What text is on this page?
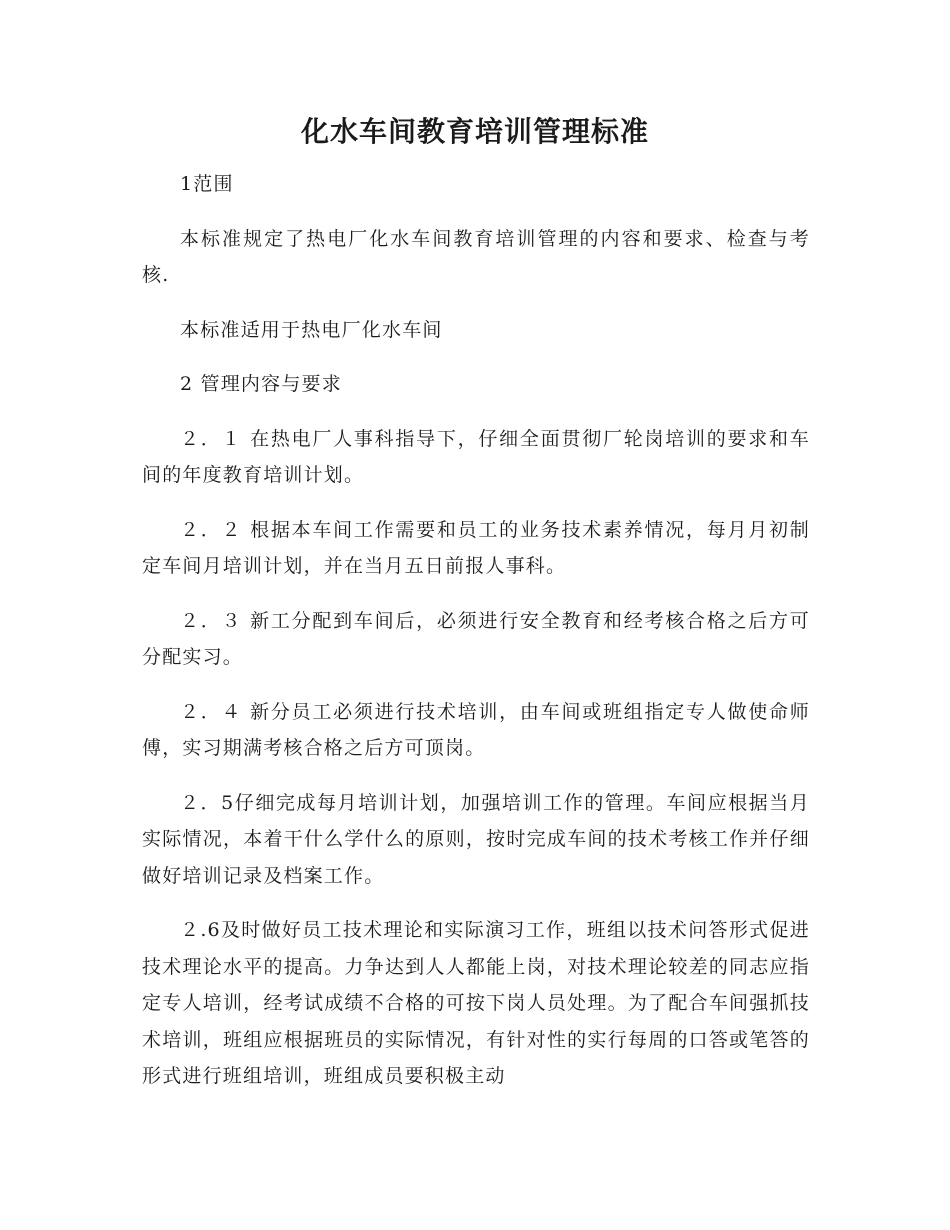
化水车间教育培训管理标准

1范围

本标准规定了热电厂化水车间教育培训管理的内容和要求、检查与考核.

本标准适用于热电厂化水车间

2 管理内容与要求

２．１ 在热电厂人事科指导下，仔细全面贯彻厂轮岗培训的要求和车间的年度教育培训计划。

２．２ 根据本车间工作需要和员工的业务技术素养情况，每月月初制定车间月培训计划，并在当月五日前报人事科。

２．３ 新工分配到车间后，必须进行安全教育和经考核合格之后方可分配实习。

２．４ 新分员工必须进行技术培训，由车间或班组指定专人做使命师傅，实习期满考核合格之后方可顶岗。

２．5仔细完成每月培训计划，加强培训工作的管理。车间应根据当月实际情况，本着干什么学什么的原则，按时完成车间的技术考核工作并仔细做好培训记录及档案工作。

２.6及时做好员工技术理论和实际演习工作，班组以技术问答形式促进技术理论水平的提高。力争达到人人都能上岗，对技术理论较差的同志应指定专人培训，经考试成绩不合格的可按下岗人员处理。为了配合车间强抓技术培训，班组应根据班员的实际情况，有针对性的实行每周的口答或笔答的形式进行班组培训，班组成员要积极主动
